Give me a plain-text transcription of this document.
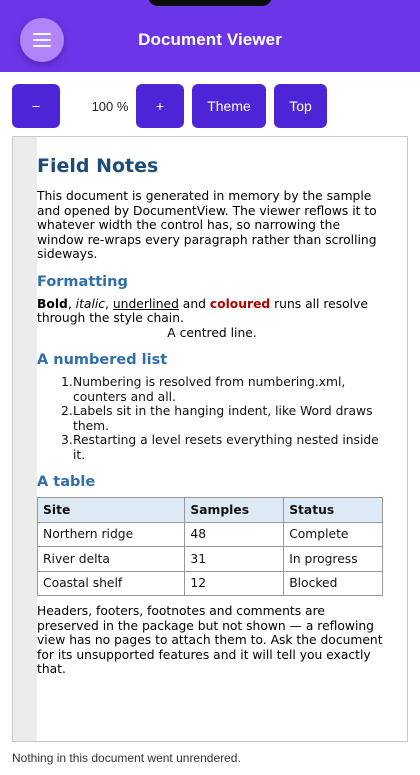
Document Viewer
−	100 %	+	Theme	Top
Field Notes
This document is generated in memory by the sample and opened by DocumentView. The viewer reflows it to whatever width the control has, so narrowing the window re-wraps every paragraph rather than scrolling sideways.
Formatting
Bold, italic, underlined and coloured runs all resolve through the style chain.
A centred line.
A numbered list
1. Numbering is resolved from numbering.xml, counters and all.
2. Labels sit in the hanging indent, like Word draws them.
3. Restarting a level resets everything nested inside it.
A table
Site	Samples	Status
Northern ridge	48	Complete
River delta	31	In progress
Coastal shelf	12	Blocked
Headers, footers, footnotes and comments are preserved in the package but not shown — a reflowing view has no pages to attach them to. Ask the document for its unsupported features and it will tell you exactly that.
Nothing in this document went unrendered.
